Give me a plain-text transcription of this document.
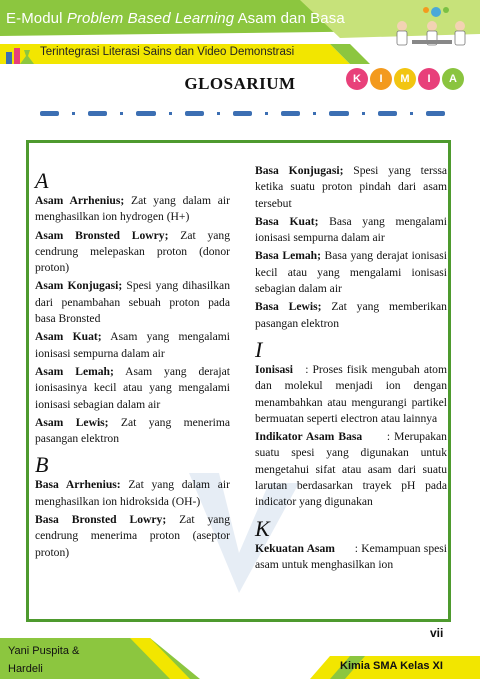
E-Modul Problem Based Learning Asam dan Basa
Terintegrasi Literasi Sains dan Video Demonstrasi
GLOSARIUM	K	I	M	I	A
A

Asam Arrhenius; Zat yang dalam air menghasilkan ion hydrogen (H+)

Asam Bronsted Lowry; Zat yang cendrung melepaskan proton (donor proton)

Asam Konjugasi; Spesi yang dihasilkan dari penambahan sebuah proton pada basa Bronsted

Asam Kuat; Asam yang mengalami ionisasi sempurna dalam air

Asam Lemah; Asam yang derajat ionisasinya kecil atau yang mengalami ionisasi sebagian dalam air

Asam Lewis; Zat yang menerima pasangan elektron

B

Basa Arrhenius: Zat yang dalam air menghasilkan ion hidroksida (OH-)

Basa Bronsted Lowry; Zat yang cendrung menerima proton (aseptor proton)

Basa Konjugasi; Spesi yang terssa ketika suatu proton pindah dari asam tersebut

Basa Kuat; Basa yang mengalami ionisasi sempurna dalam air

Basa Lemah; Basa yang derajat ionisasi kecil atau yang mengalami ionisasi sebagian dalam air

Basa Lewis; Zat yang memberikan pasangan elektron

I

Ionisasi   : Proses fisik mengubah atom dan molekul menjadi ion dengan menambahkan atau mengurangi partikel bermuatan seperti electron atau lainnya

Indikator Asam Basa      : Merupakan suatu spesi yang digunakan untuk mengetahui sifat atau asam dari suatu larutan berdasarkan trayek pH pada indicator yang digunakan

K

Kekuatan Asam      : Kemampuan spesi asam untuk menghasilkan ion

vii
Yani Puspita &
Hardeli	Kimia SMA Kelas XI
